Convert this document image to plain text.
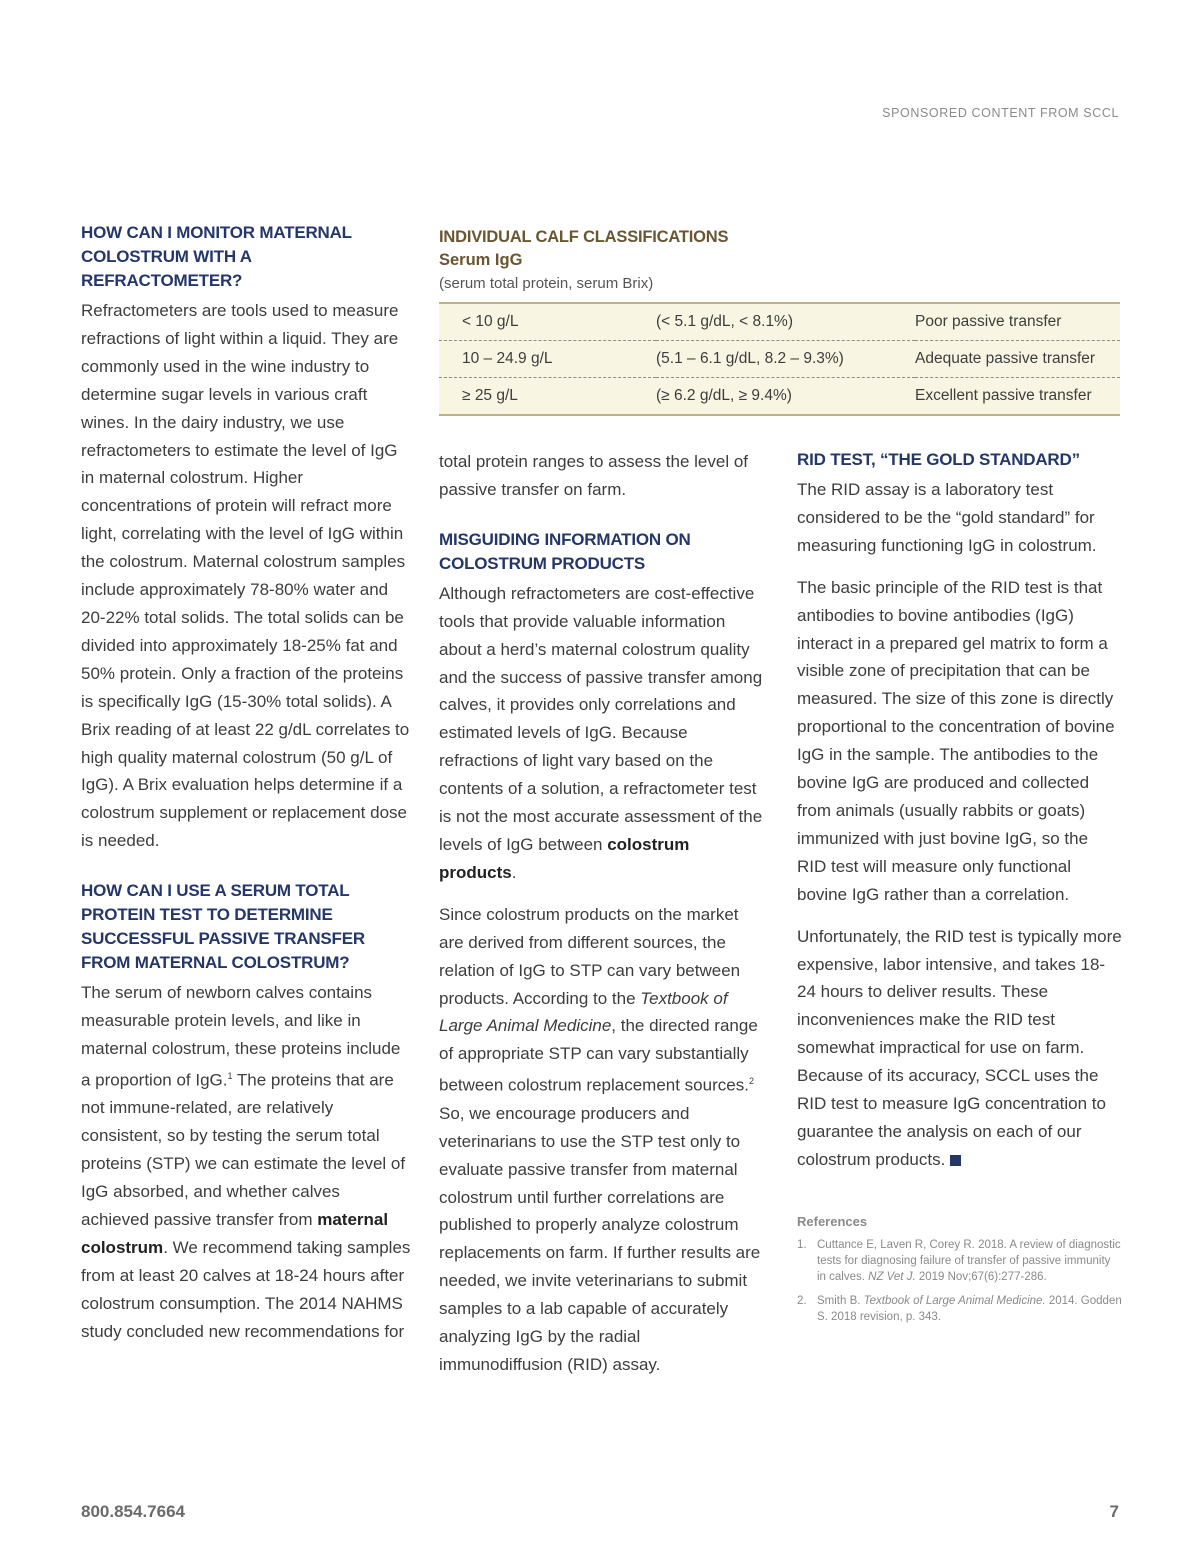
SPONSORED CONTENT FROM SCCL
HOW CAN I MONITOR MATERNAL COLOSTRUM WITH A REFRACTOMETER?

Refractometers are tools used to measure refractions of light within a liquid. They are commonly used in the wine industry to determine sugar levels in various craft wines. In the dairy industry, we use refractometers to estimate the level of IgG in maternal colostrum. Higher concentrations of protein will refract more light, correlating with the level of IgG within the colostrum. Maternal colostrum samples include approximately 78-80% water and 20-22% total solids. The total solids can be divided into approximately 18-25% fat and 50% protein. Only a fraction of the proteins is specifically IgG (15-30% total solids). A Brix reading of at least 22 g/dL correlates to high quality maternal colostrum (50 g/L of IgG). A Brix evaluation helps determine if a colostrum supplement or replacement dose is needed.

HOW CAN I USE A SERUM TOTAL PROTEIN TEST TO DETERMINE SUCCESSFUL PASSIVE TRANSFER FROM MATERNAL COLOSTRUM?

The serum of newborn calves contains measurable protein levels, and like in maternal colostrum, these proteins include a proportion of IgG.$^1$ The proteins that are not immune-related, are relatively consistent, so by testing the serum total proteins (STP) we can estimate the level of IgG absorbed, and whether calves achieved passive transfer from maternal colostrum. We recommend taking samples from at least 20 calves at 18-24 hours after colostrum consumption. The 2014 NAHMS study concluded new recommendations for

INDIVIDUAL CALF CLASSIFICATIONS
Serum IgG
(serum total protein, serum Brix)
< 10 g/L	(< 5.1 g/dL, < 8.1%)	Poor passive transfer
10 – 24.9 g/L	(5.1 – 6.1 g/dL, 8.2 – 9.3%)	Adequate passive transfer
≥ 25 g/L	(≥ 6.2 g/dL, ≥ 9.4%)	Excellent passive transfer

total protein ranges to assess the level of passive transfer on farm.

MISGUIDING INFORMATION ON COLOSTRUM PRODUCTS

Although refractometers are cost-effective tools that provide valuable information about a herd’s maternal colostrum quality and the success of passive transfer among calves, it provides only correlations and estimated levels of IgG. Because refractions of light vary based on the contents of a solution, a refractometer test is not the most accurate assessment of the levels of IgG between colostrum products.

Since colostrum products on the market are derived from different sources, the relation of IgG to STP can vary between products. According to the Textbook of Large Animal Medicine, the directed range of appropriate STP can vary substantially between colostrum replacement sources.$^2$ So, we encourage producers and veterinarians to use the STP test only to evaluate passive transfer from maternal colostrum until further correlations are published to properly analyze colostrum replacements on farm. If further results are needed, we invite veterinarians to submit samples to a lab capable of accurately analyzing IgG by the radial immunodiffusion (RID) assay.

RID TEST, “THE GOLD STANDARD”

The RID assay is a laboratory test considered to be the “gold standard” for measuring functioning IgG in colostrum.

The basic principle of the RID test is that antibodies to bovine antibodies (IgG) interact in a prepared gel matrix to form a visible zone of precipitation that can be measured. The size of this zone is directly proportional to the concentration of bovine IgG in the sample. The antibodies to the bovine IgG are produced and collected from animals (usually rabbits or goats) immunized with just bovine IgG, so the RID test will measure only functional bovine IgG rather than a correlation.

Unfortunately, the RID test is typically more expensive, labor intensive, and takes 18-24 hours to deliver results. These inconveniences make the RID test somewhat impractical for use on farm. Because of its accuracy, SCCL uses the RID test to measure IgG concentration to guarantee the analysis on each of our colostrum products.

References
1. Cuttance E, Laven R, Corey R. 2018. A review of diagnostic tests for diagnosing failure of transfer of passive immunity in calves. NZ Vet J. 2019 Nov;67(6):277-286.
2. Smith B. Textbook of Large Animal Medicine. 2014. Godden S. 2018 revision, p. 343.
800.854.7664	7
